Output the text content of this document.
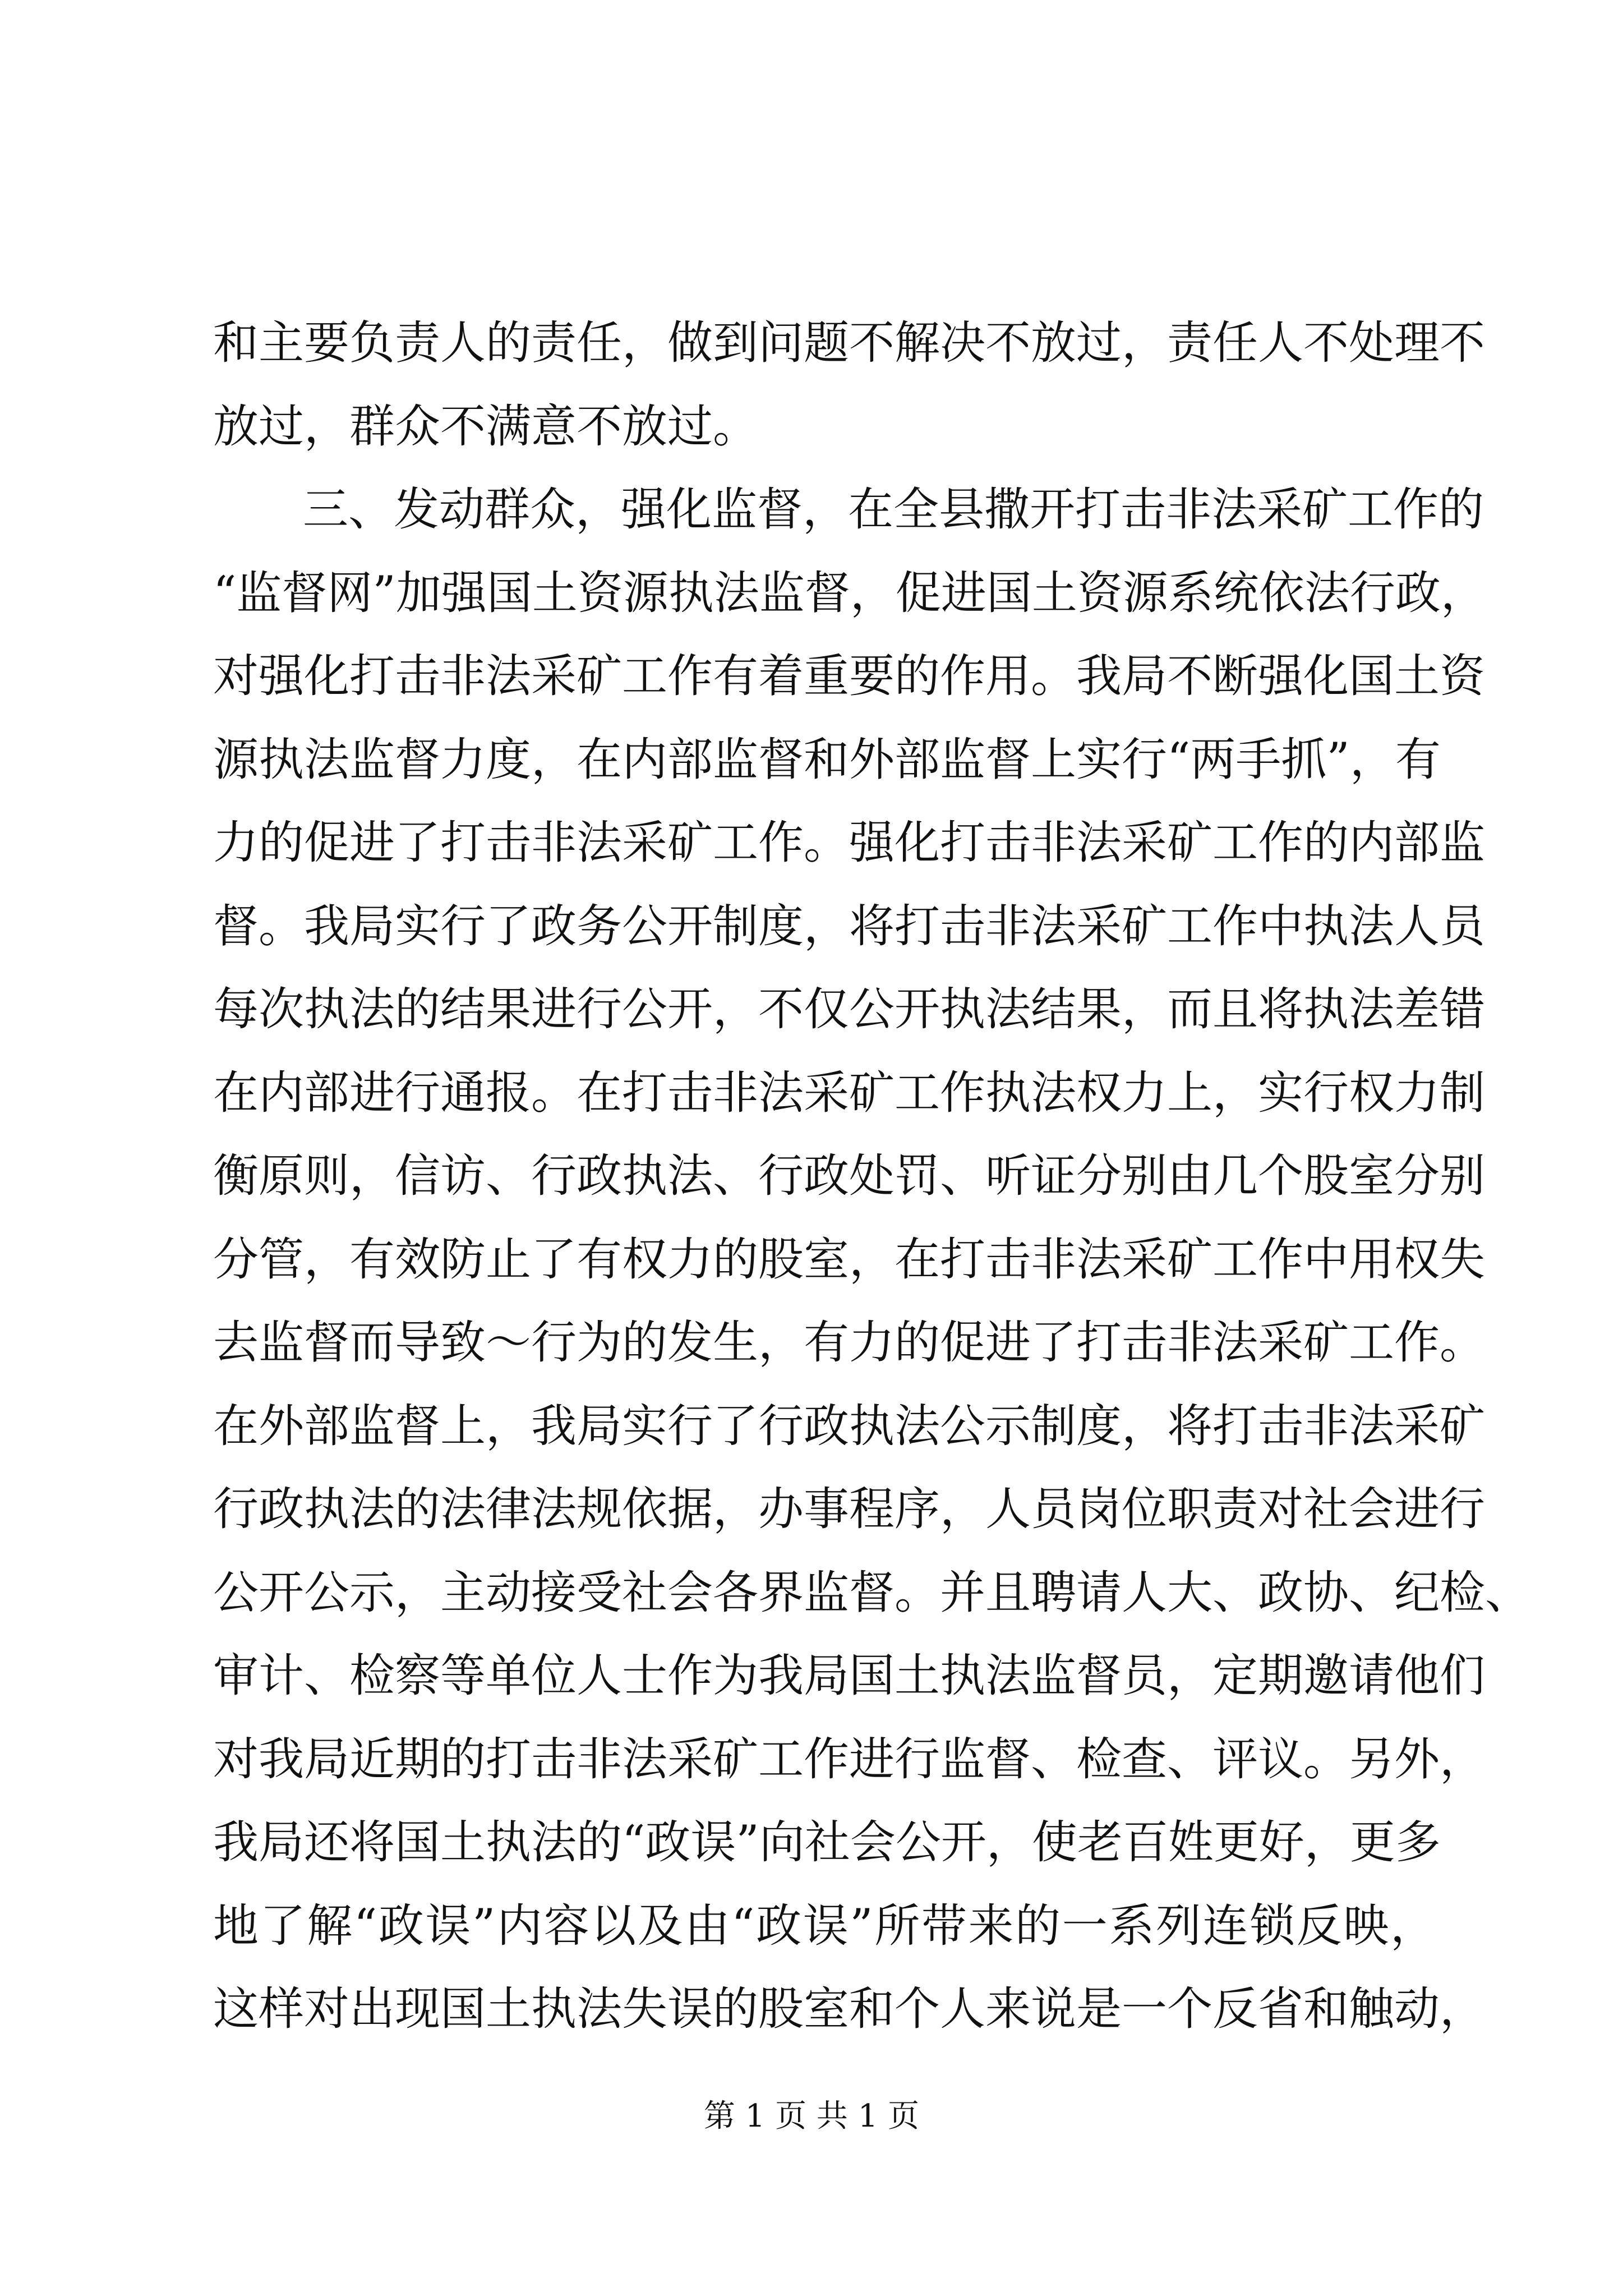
和主要负责人的责任，做到问题不解决不放过，责任人不处理不
放过，群众不满意不放过。
三、发动群众，强化监督，在全县撒开打击非法采矿工作的
“监督网”加强国土资源执法监督，促进国土资源系统依法行政，
对强化打击非法采矿工作有着重要的作用。我局不断强化国土资
源执法监督力度，在内部监督和外部监督上实行“两手抓”，有
力的促进了打击非法采矿工作。强化打击非法采矿工作的内部监
督。我局实行了政务公开制度，将打击非法采矿工作中执法人员
每次执法的结果进行公开，不仅公开执法结果，而且将执法差错
在内部进行通报。在打击非法采矿工作执法权力上，实行权力制
衡原则，信访、行政执法、行政处罚、听证分别由几个股室分别
分管，有效防止了有权力的股室，在打击非法采矿工作中用权失
去监督而导致～行为的发生，有力的促进了打击非法采矿工作。
在外部监督上，我局实行了行政执法公示制度，将打击非法采矿
行政执法的法律法规依据，办事程序，人员岗位职责对社会进行
公开公示，主动接受社会各界监督。并且聘请人大、政协、纪检、
审计、检察等单位人士作为我局国土执法监督员，定期邀请他们
对我局近期的打击非法采矿工作进行监督、检查、评议。另外，
我局还将国土执法的“政误”向社会公开，使老百姓更好，更多
地了解“政误”内容以及由“政误”所带来的一系列连锁反映，
这样对出现国土执法失误的股室和个人来说是一个反省和触动，
第 1 页 共 1 页
